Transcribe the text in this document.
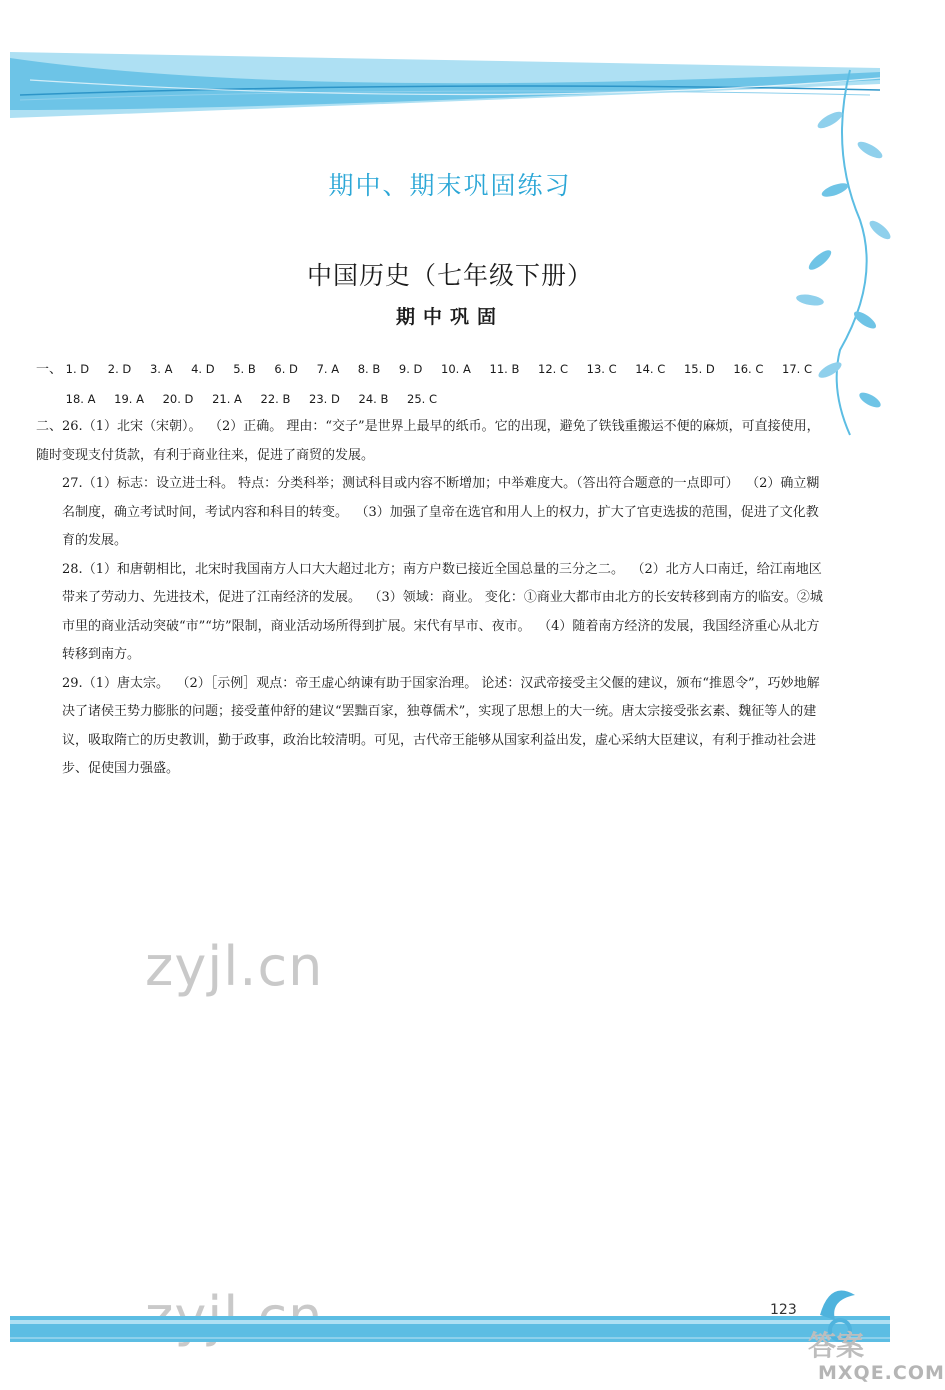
期中、期末巩固练习
中国历史（七年级下册）
期中巩固
一、 1. D 2. D 3. A 4. D 5. B 6. D 7. A 8. B 9. D 10. A 11. B 12. C 13. C 14. C 15. D 16. C 17. C
18. A 19. A 20. D 21. A 22. B 23. D 24. B 25. C

二、26.（1）北宋（宋朝）。 （2）正确。 理由：“交子”是世界上最早的纸币。它的出现，避免了铁钱重搬运不便的麻烦，可直接使用，随时变现支付货款，有利于商业往来，促进了商贸的发展。

27.（1）标志：设立进士科。 特点：分类科举；测试科目或内容不断增加；中举难度大。（答出符合题意的一点即可） （2）确立糊名制度，确立考试时间，考试内容和科目的转变。 （3）加强了皇帝在选官和用人上的权力，扩大了官吏选拔的范围，促进了文化教育的发展。

28.（1）和唐朝相比，北宋时我国南方人口大大超过北方；南方户数已接近全国总量的三分之二。 （2）北方人口南迁，给江南地区带来了劳动力、先进技术，促进了江南经济的发展。 （3）领域：商业。 变化：①商业大都市由北方的长安转移到南方的临安。②城市里的商业活动突破“市”“坊”限制，商业活动场所得到扩展。宋代有早市、夜市。 （4）随着南方经济的发展，我国经济重心从北方转移到南方。

29.（1）唐太宗。 （2）［示例］观点：帝王虚心纳谏有助于国家治理。 论述：汉武帝接受主父偃的建议，颁布“推恩令”，巧妙地解决了诸侯王势力膨胀的问题；接受董仲舒的建议“罢黜百家，独尊儒术”，实现了思想上的大一统。唐太宗接受张玄素、魏征等人的建议，吸取隋亡的历史教训，勤于政事，政治比较清明。可见，古代帝王能够从国家利益出发，虚心采纳大臣建议，有利于推动社会进步、促使国力强盛。

zyjl.cn
123
答案
MXQE.COM
